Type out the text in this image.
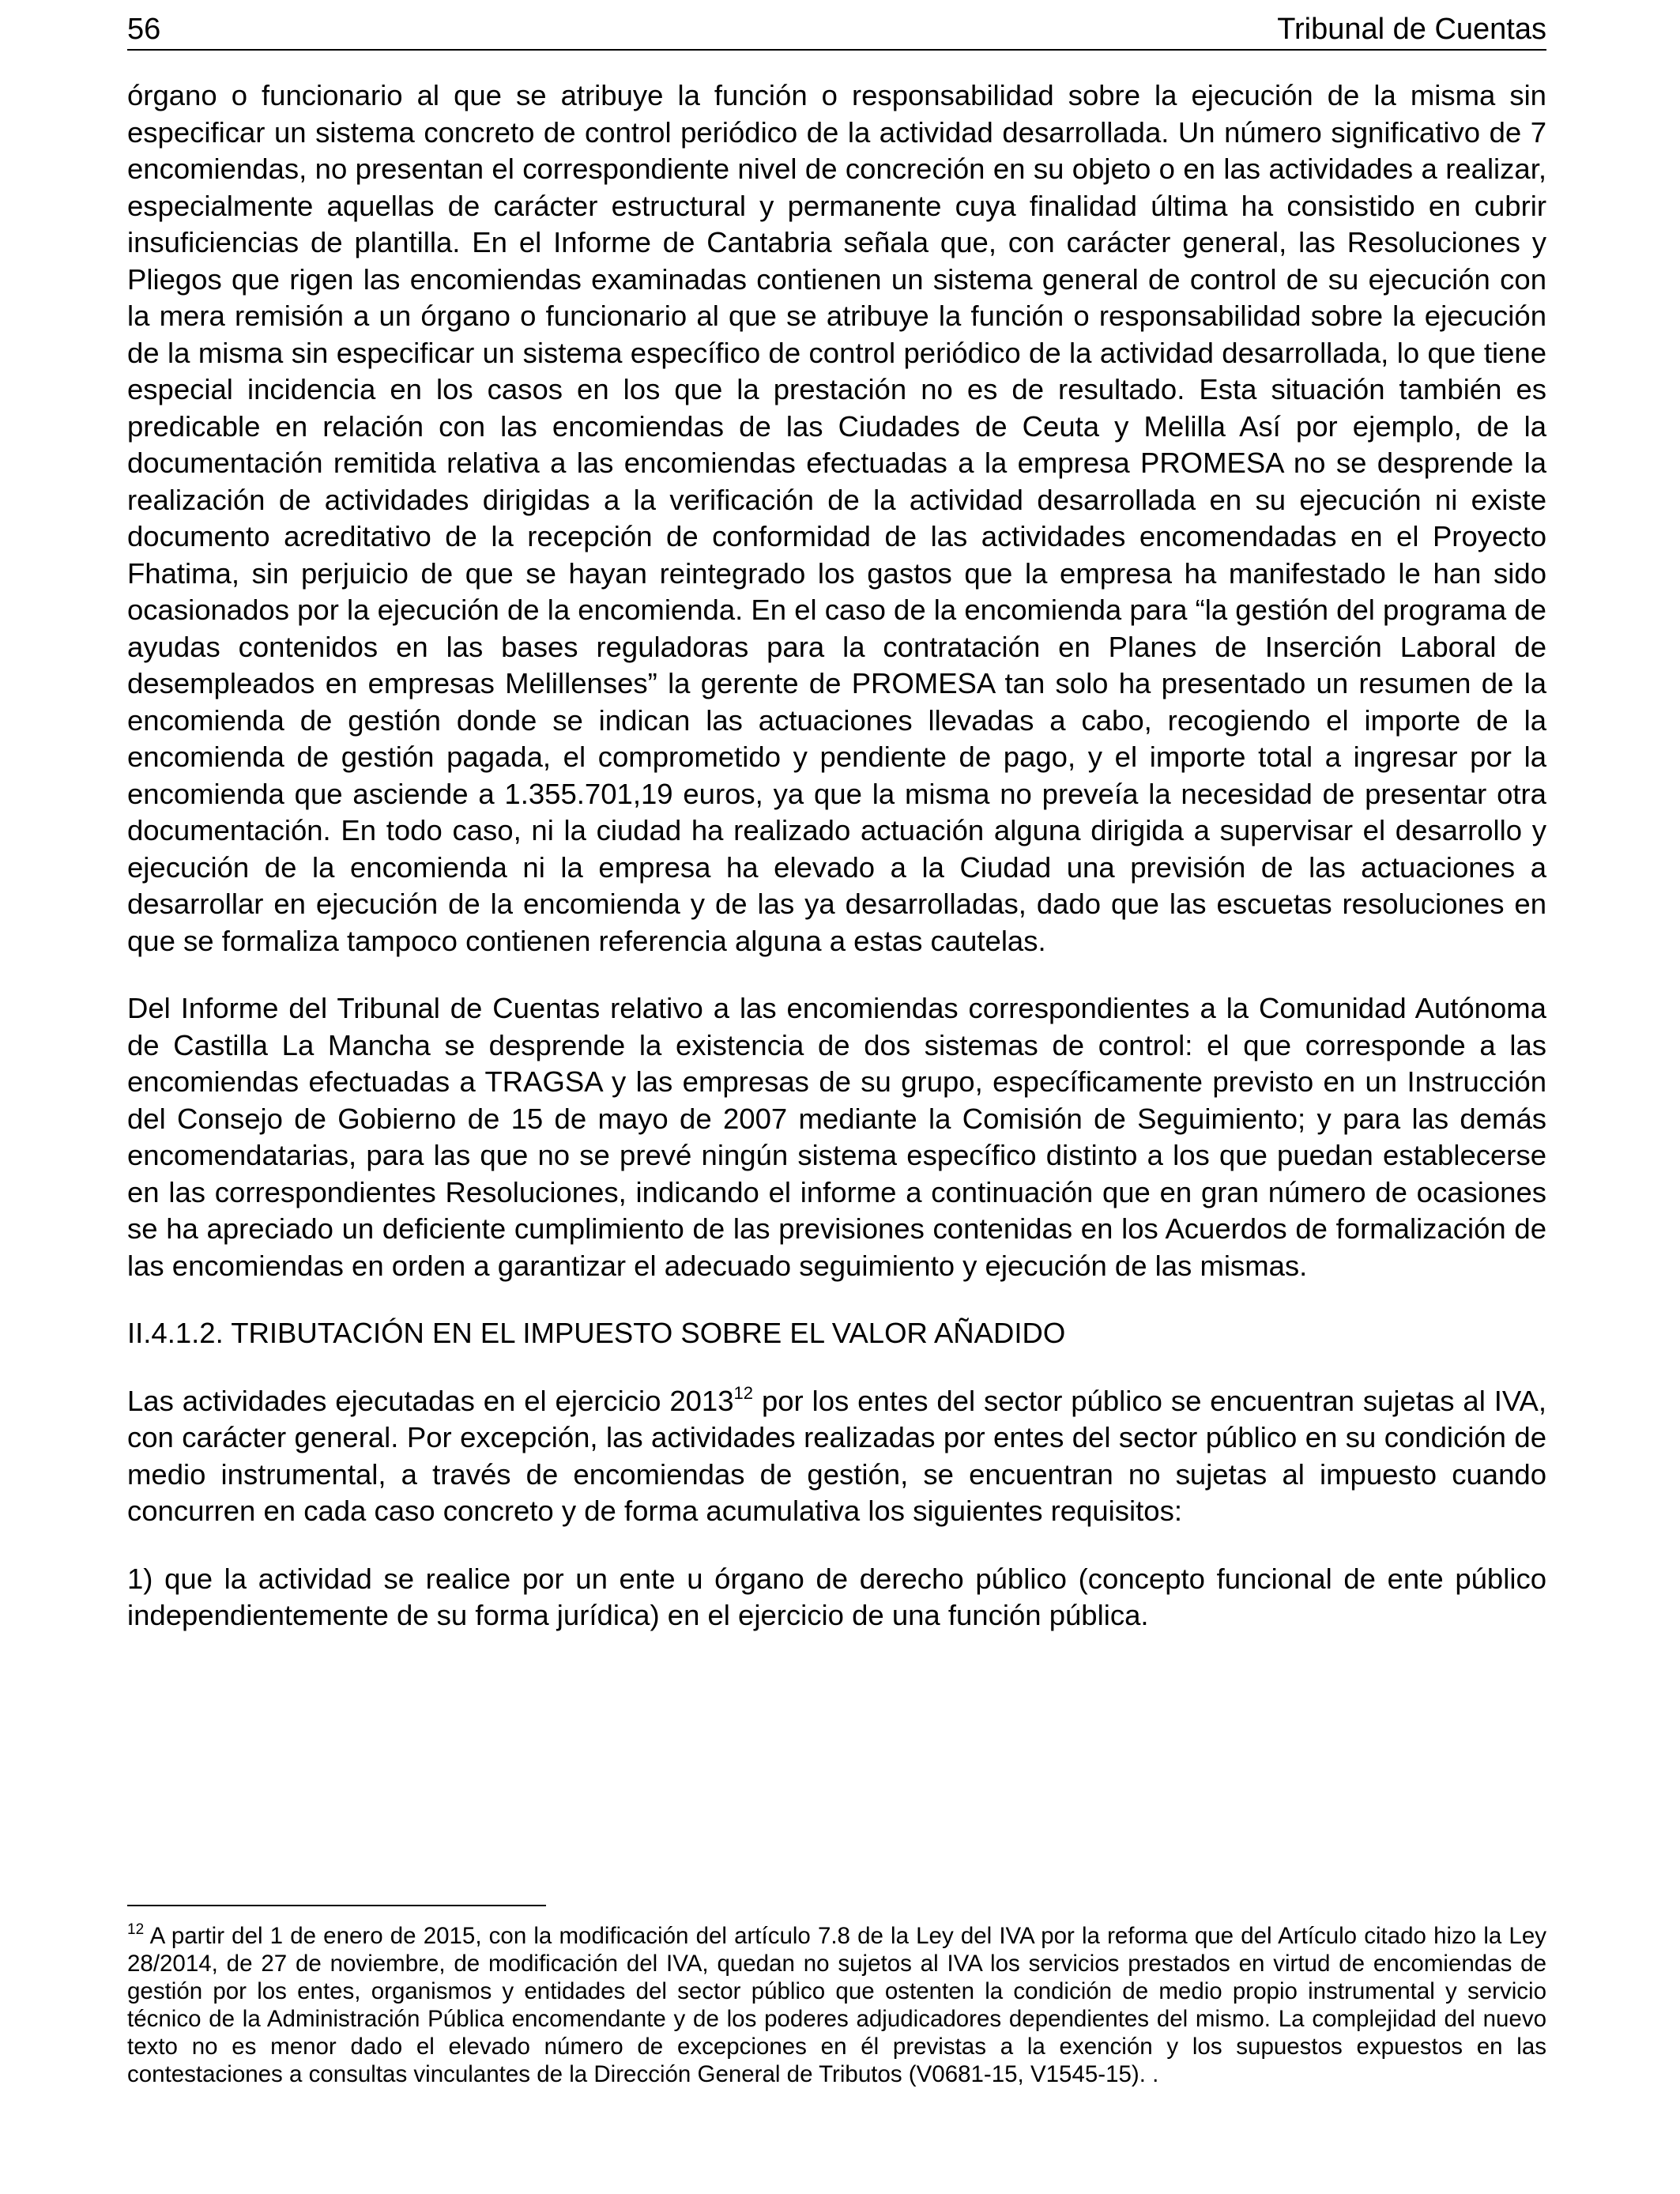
56	Tribunal de Cuentas

órgano o funcionario al que se atribuye la función o responsabilidad sobre la ejecución de la misma sin especificar un sistema concreto de control periódico de la actividad desarrollada. Un número significativo de 7 encomiendas, no presentan el correspondiente nivel de concreción en su objeto o en las actividades a realizar, especialmente aquellas de carácter estructural y permanente cuya finalidad última ha consistido en cubrir insuficiencias de plantilla. En el Informe de Cantabria señala que, con carácter general, las Resoluciones y Pliegos que rigen las encomiendas examinadas contienen un sistema general de control de su ejecución con la mera remisión a un órgano o funcionario al que se atribuye la función o responsabilidad sobre la ejecución de la misma sin especificar un sistema específico de control periódico de la actividad desarrollada, lo que tiene especial incidencia en los casos en los que la prestación no es de resultado. Esta situación también es predicable en relación con las encomiendas de las Ciudades de Ceuta y Melilla Así por ejemplo, de la documentación remitida relativa a las encomiendas efectuadas a la empresa PROMESA no se desprende la realización de actividades dirigidas a la verificación de la actividad desarrollada en su ejecución ni existe documento acreditativo de la recepción de conformidad de las actividades encomendadas en el Proyecto Fhatima, sin perjuicio de que se hayan reintegrado los gastos que la empresa ha manifestado le han sido ocasionados por la ejecución de la encomienda. En el caso de la encomienda para “la gestión del programa de ayudas contenidos en las bases reguladoras para la contratación en Planes de Inserción Laboral de desempleados en empresas Melillenses” la gerente de PROMESA tan solo ha presentado un resumen de la encomienda de gestión donde se indican las actuaciones llevadas a cabo, recogiendo el importe de la encomienda de gestión pagada, el comprometido y pendiente de pago, y el importe total a ingresar por la encomienda que asciende a 1.355.701,19 euros, ya que la misma no preveía la necesidad de presentar otra documentación. En todo caso, ni la ciudad ha realizado actuación alguna dirigida a supervisar el desarrollo y ejecución de la encomienda ni la empresa ha elevado a la Ciudad una previsión de las actuaciones a desarrollar en ejecución de la encomienda y de las ya desarrolladas, dado que las escuetas resoluciones en que se formaliza tampoco contienen referencia alguna a estas cautelas.

Del Informe del Tribunal de Cuentas relativo a las encomiendas correspondientes a la Comunidad Autónoma de Castilla La Mancha se desprende la existencia de dos sistemas de control: el que corresponde a las encomiendas efectuadas a TRAGSA y las empresas de su grupo, específicamente previsto en un Instrucción del Consejo de Gobierno de 15 de mayo de 2007 mediante la Comisión de Seguimiento; y para las demás encomendatarias, para las que no se prevé ningún sistema específico distinto a los que puedan establecerse en las correspondientes Resoluciones, indicando el informe a continuación que en gran número de ocasiones se ha apreciado un deficiente cumplimiento de las previsiones contenidas en los Acuerdos de formalización de las encomiendas en orden a garantizar el adecuado seguimiento y ejecución de las mismas.

II.4.1.2. TRIBUTACIÓN EN EL IMPUESTO SOBRE EL VALOR AÑADIDO

Las actividades ejecutadas en el ejercicio 2013$^{12}$ por los entes del sector público se encuentran sujetas al IVA, con carácter general. Por excepción, las actividades realizadas por entes del sector público en su condición de medio instrumental, a través de encomiendas de gestión, se encuentran no sujetas al impuesto cuando concurren en cada caso concreto y de forma acumulativa los siguientes requisitos:

1) que la actividad se realice por un ente u órgano de derecho público (concepto funcional de ente público independientemente de su forma jurídica) en el ejercicio de una función pública.

$^{12}$ A partir del 1 de enero de 2015, con la modificación del artículo 7.8 de la Ley del IVA por la reforma que del Artículo citado hizo la Ley 28/2014, de 27 de noviembre, de modificación del IVA, quedan no sujetos al IVA los servicios prestados en virtud de encomiendas de gestión por los entes, organismos y entidades del sector público que ostenten la condición de medio propio instrumental y servicio técnico de la Administración Pública encomendante y de los poderes adjudicadores dependientes del mismo. La complejidad del nuevo texto no es menor dado el elevado número de excepciones en él previstas a la exención y los supuestos expuestos en las contestaciones a consultas vinculantes de la Dirección General de Tributos (V0681-15, V1545-15). .
